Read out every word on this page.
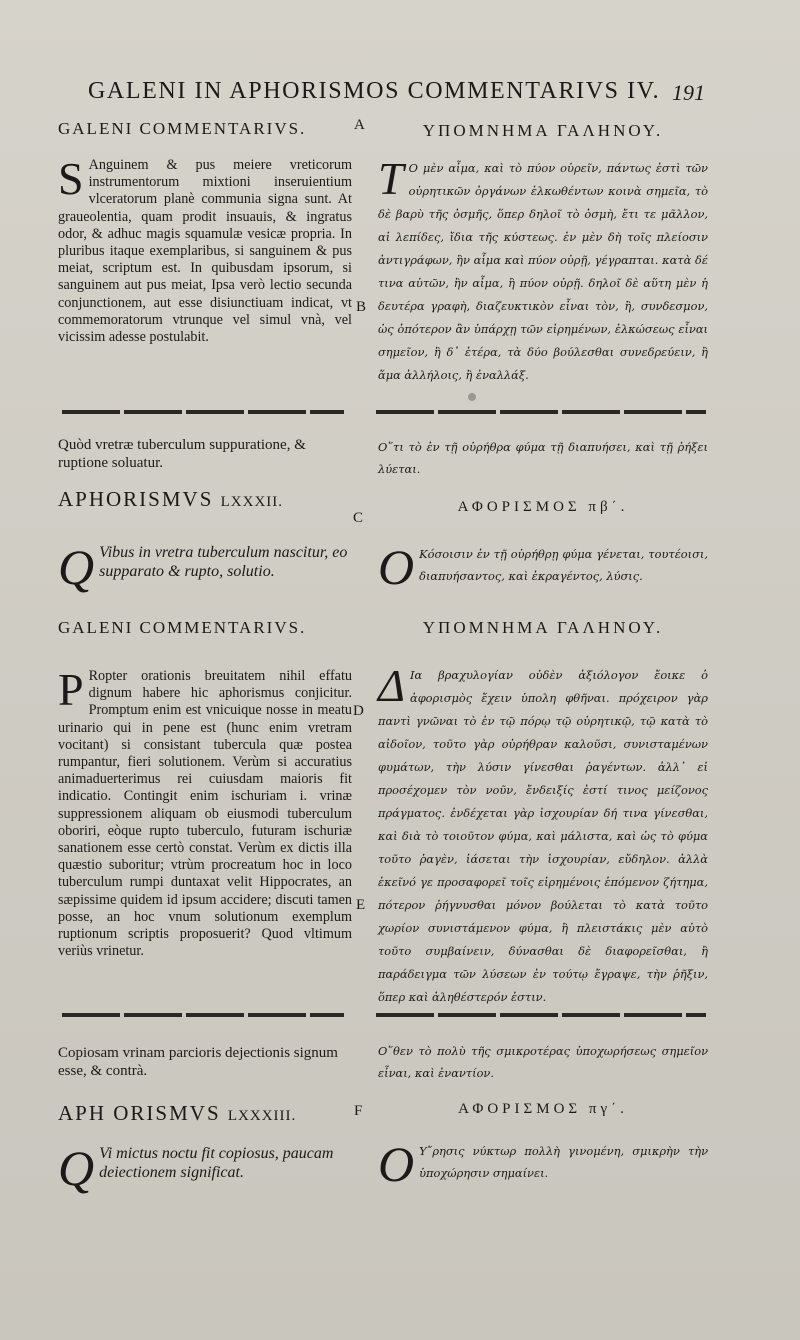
GALENI IN APHORISMOS COMMENTARIVS IV. 191
A
B
C
D
E
F
GALENI COMMENTARIVS.	ΥΠΟΜΝΗΜΑ ΓΑΛΗΝΟΥ.
S Anguinem & pus meiere vreticorum instrumentorum mixtioni inseruientium vlceratorum planè communia signa sunt. At graueolentia, quam prodit insuauis, & ingratus odor, & adhuc magis squamulæ vesicæ propria. In pluribus itaque exemplaribus, si sanguinem & pus meiat, scriptum est. In quibusdam ipsorum, si sanguinem aut pus meiat, Ipsa verò lectio secunda conjunctionem, aut esse disiunctiuam indicat, vt commemoratorum vtrunque vel simul vnà, vel vicissim adesse postulabit.
Τ Ο μὲν αἷμα, καὶ τὸ πύον οὐρεῖν, πάντως ἐστὶ τῶν οὐρητικῶν ὀργάνων ἑλκωθέντων κοινὰ σημεῖα, τὸ δὲ βαρὺ τῆς ὀσμῆς, ὅπερ δηλοῖ τὸ ὀσμὴ, ἔτι τε μᾶλλον, αἱ λεπίδες, ἴδια τῆς κύστεως. ἐν μὲν δὴ τοῖς πλείοσιν ἀντιγράφων, ἢν αἷμα καὶ πύον οὐρῇ, γέγραπται. κατὰ δέ τινα αὐτῶν, ἢν αἷμα, ἢ πύον οὐρῇ. δηλοῖ δὲ αὕτη μὲν ἡ δευτέρα γραφὴ, διαζευκτικὸν εἶναι τὸν, ἢ, συνδεσμον, ὡς ὁπότερον ἂν ὑπάρχῃ τῶν εἰρημένων, ἑλκώσεως εἶναι σημεῖον, ἢ δ᾽ ἑτέρα, τὰ δύο βούλεσθαι συνεδρεύειν, ἢ ἅμα ἀλλήλοις, ἢ ἐναλλάξ.
Quòd vretræ tuberculum suppuratione, & ruptione soluatur.
Ο῞τι τὸ ἐν τῇ οὐρήθρα φύμα τῇ διαπυήσει, καὶ τῇ ῥήξει λύεται.
APHORISMVS LXXXII.	ΑΦΟΡΙΣΜΟΣ πβ΄.
Q Vibus in vretra tuberculum nascitur, eo supparato & rupto, solutio.	Ο Κόσοισιν ἐν τῇ οὐρήθρῃ φύμα γένεται, τουτέοισι, διαπυήσαντος, καὶ ἐκραγέντος, λύσις.
GALENI COMMENTARIVS.	ΥΠΟΜΝΗΜΑ ΓΑΛΗΝΟΥ.
P Ropter orationis breuitatem nihil effatu dignum habere hic aphorismus conjicitur. Promptum enim est vnicuique nosse in meatu urinario qui in pene est (hunc enim vretram vocitant) si consistant tubercula quæ postea rumpantur, fieri solutionem. Verùm si accuratius animaduerterimus rei cuiusdam maioris fit indicatio. Contingit enim ischuriam i. vrinæ suppressionem aliquam ob eiusmodi tuberculum oboriri, eòque rupto tuberculo, futuram ischuriæ sanationem esse certò constat. Verùm ex dictis illa quæstio suboritur; vtrùm procreatum hoc in loco tuberculum rumpi duntaxat velit Hippocrates, an sæpissime quidem id ipsum accidere; discuti tamen posse, an hoc vnum solutionum exemplum ruptionum scriptis proposuerit? Quod vltimum veriùs vrinetur.
Δ Ια βραχυλογίαν οὐδὲν ἀξιόλογον ἔοικε ὁ ἀφορισμὸς ἔχειν ὑπολη φθῆναι. πρόχειρον γὰρ παντὶ γνῶναι τὸ ἐν τῷ πόρῳ τῷ οὐρητικῷ, τῷ κατὰ τὸ αἰδοῖον, τοῦτο γὰρ οὐρήθραν καλοῦσι, συνισταμένων φυμάτων, τὴν λύσιν γίνεσθαι ῥαγέντων. ἀλλ᾽ εἰ προσέχομεν τὸν νοῦν, ἔνδειξίς ἐστί τινος μείζονος πράγματος. ἐνδέχεται γὰρ ἰσχουρίαν δή τινα γίνεσθαι, καὶ διὰ τὸ τοιοῦτον φύμα, καὶ μάλιστα, καὶ ὡς τὸ φύμα τοῦτο ῥαγὲν, ἰάσεται τὴν ἰσχουρίαν, εὔδηλον. ἀλλὰ ἐκεῖνό γε προσαφορεῖ τοῖς εἰρημένοις ἑπόμενον ζήτημα, πότερον ῥήγνυσθαι μόνον βούλεται τὸ κατὰ τοῦτο χωρίον συνιστάμενον φύμα, ἢ πλειστάκις μὲν αὐτὸ τοῦτο συμβαίνειν, δύνασθαι δὲ διαφορεῖσθαι, ἢ παράδειγμα τῶν λύσεων ἐν τούτῳ ἔγραψε, τὴν ῥῆξιν, ὅπερ καὶ ἀληθέστερόν ἐστιν.
Copiosam vrinam parcioris dejectionis signum esse, & contrà.
Ο῞θεν τὸ πολὺ τῆς σμικροτέρας ὑποχωρήσεως σημεῖον εἶναι, καὶ ἐναντίον.
APH ORISMVS LXXXIII.	ΑΦΟΡΙΣΜΟΣ πγ΄.
Q Vi mictus noctu fit copiosus, paucam deiectionem significat.	Ο Υ῎ρησις νύκτωρ πολλὴ γινομένη, σμικρὴν τὴν ὑποχώρησιν σημαίνει.
